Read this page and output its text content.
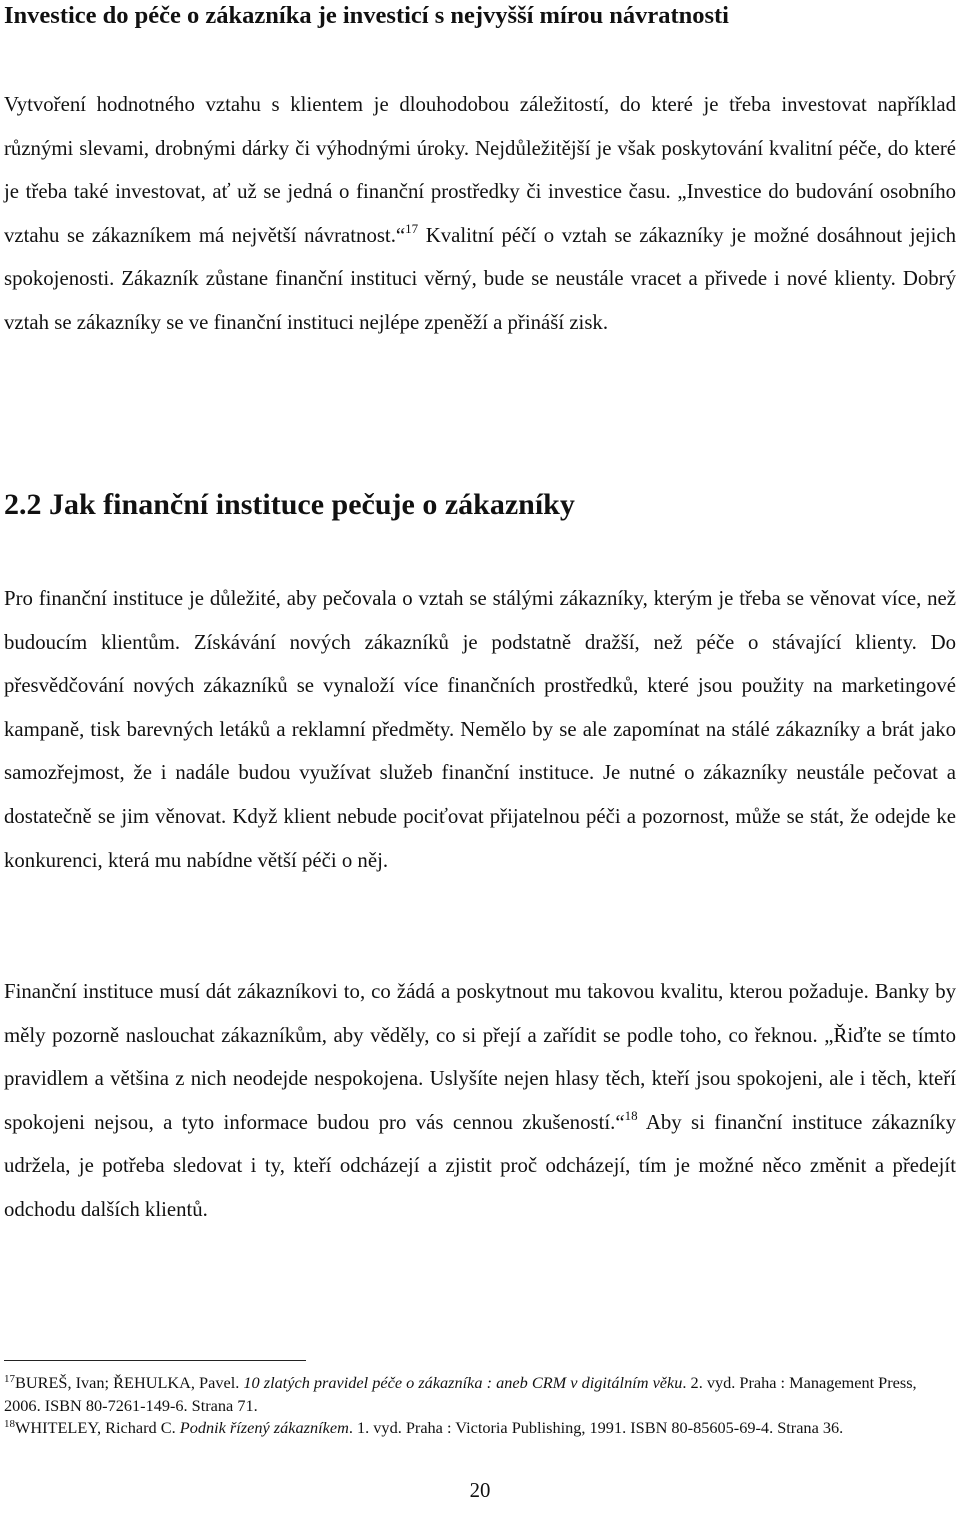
Investice do péče o zákazníka je investicí s nejvyšší mírou návratnosti

Vytvoření hodnotného vztahu s klientem je dlouhodobou záležitostí, do které je třeba investovat například různými slevami, drobnými dárky či výhodnými úroky. Nejdůležitější je však poskytování kvalitní péče, do které je třeba také investovat, ať už se jedná o finanční prostředky či investice času. „Investice do budování osobního vztahu se zákazníkem má největší návratnost.“$^{17}$ Kvalitní péčí o vztah se zákazníky je možné dosáhnout jejich spokojenosti. Zákazník zůstane finanční instituci věrný, bude se neustále vracet a přivede i nové klienty. Dobrý vztah se zákazníky se ve finanční instituci nejlépe zpeněží a přináší zisk.

2.2 Jak finanční instituce pečuje o zákazníky

Pro finanční instituce je důležité, aby pečovala o vztah se stálými zákazníky, kterým je třeba se věnovat více, než budoucím klientům. Získávání nových zákazníků je podstatně dražší, než péče o stávající klienty. Do přesvědčování nových zákazníků se vynaloží více finančních prostředků, které jsou použity na marketingové kampaně, tisk barevných letáků a reklamní předměty. Nemělo by se ale zapomínat na stálé zákazníky a brát jako samozřejmost, že i nadále budou využívat služeb finanční instituce. Je nutné o zákazníky neustále pečovat a dostatečně se jim věnovat. Když klient nebude pociťovat přijatelnou péči a pozornost, může se stát, že odejde ke konkurenci, která mu nabídne větší péči o něj.

Finanční instituce musí dát zákazníkovi to, co žádá a poskytnout mu takovou kvalitu, kterou požaduje. Banky by měly pozorně naslouchat zákazníkům, aby věděly, co si přejí a zařídit se podle toho, co řeknou. „Řiďte se tímto pravidlem a většina z nich neodejde nespokojena. Uslyšíte nejen hlasy těch, kteří jsou spokojeni, ale i těch, kteří spokojeni nejsou, a tyto informace budou pro vás cennou zkušeností.“$^{18}$ Aby si finanční instituce zákazníky udržela, je potřeba sledovat i ty, kteří odcházejí a zjistit proč odcházejí, tím je možné něco změnit a předejít odchodu dalších klientů.

$^{17}$BUREŠ, Ivan; ŘEHULKA, Pavel. 10 zlatých pravidel péče o zákazníka : aneb CRM v digitálním věku. 2. vyd. Praha : Management Press, 2006. ISBN 80-7261-149-6. Strana 71.

$^{18}$WHITELEY, Richard C. Podnik řízený zákazníkem. 1. vyd. Praha : Victoria Publishing, 1991. ISBN 80-85605-69-4. Strana 36.

20
